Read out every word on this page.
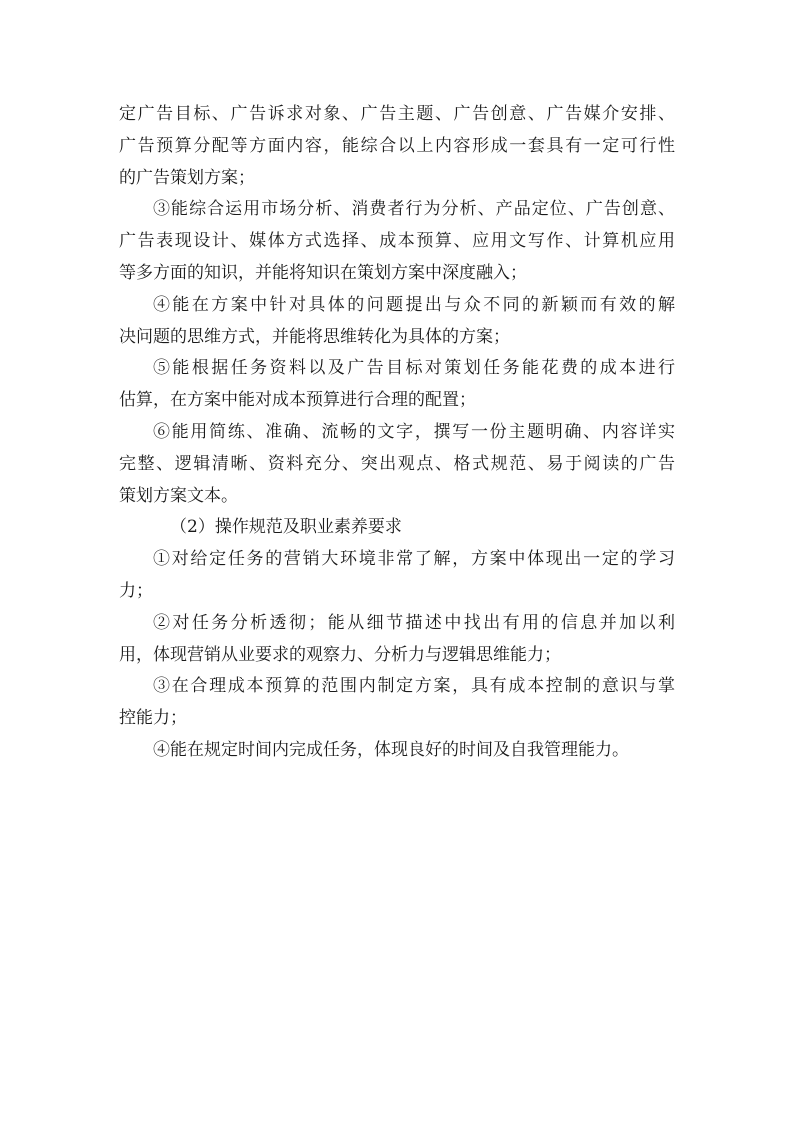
定广告目标、广告诉求对象、广告主题、广告创意、广告媒介安排、
广告预算分配等方面内容，能综合以上内容形成一套具有一定可行性
的广告策划方案；
③能综合运用市场分析、消费者行为分析、产品定位、广告创意、
广告表现设计、媒体方式选择、成本预算、应用文写作、计算机应用
等多方面的知识，并能将知识在策划方案中深度融入；
④能在方案中针对具体的问题提出与众不同的新颖而有效的解
决问题的思维方式，并能将思维转化为具体的方案；
⑤能根据任务资料以及广告目标对策划任务能花费的成本进行
估算，在方案中能对成本预算进行合理的配置；
⑥能用简练、准确、流畅的文字，撰写一份主题明确、内容详实
完整、逻辑清晰、资料充分、突出观点、格式规范、易于阅读的广告
策划方案文本。
（2）操作规范及职业素养要求
①对给定任务的营销大环境非常了解，方案中体现出一定的学习
力；
②对任务分析透彻；能从细节描述中找出有用的信息并加以利
用，体现营销从业要求的观察力、分析力与逻辑思维能力；
③在合理成本预算的范围内制定方案，具有成本控制的意识与掌
控能力；
④能在规定时间内完成任务，体现良好的时间及自我管理能力。
